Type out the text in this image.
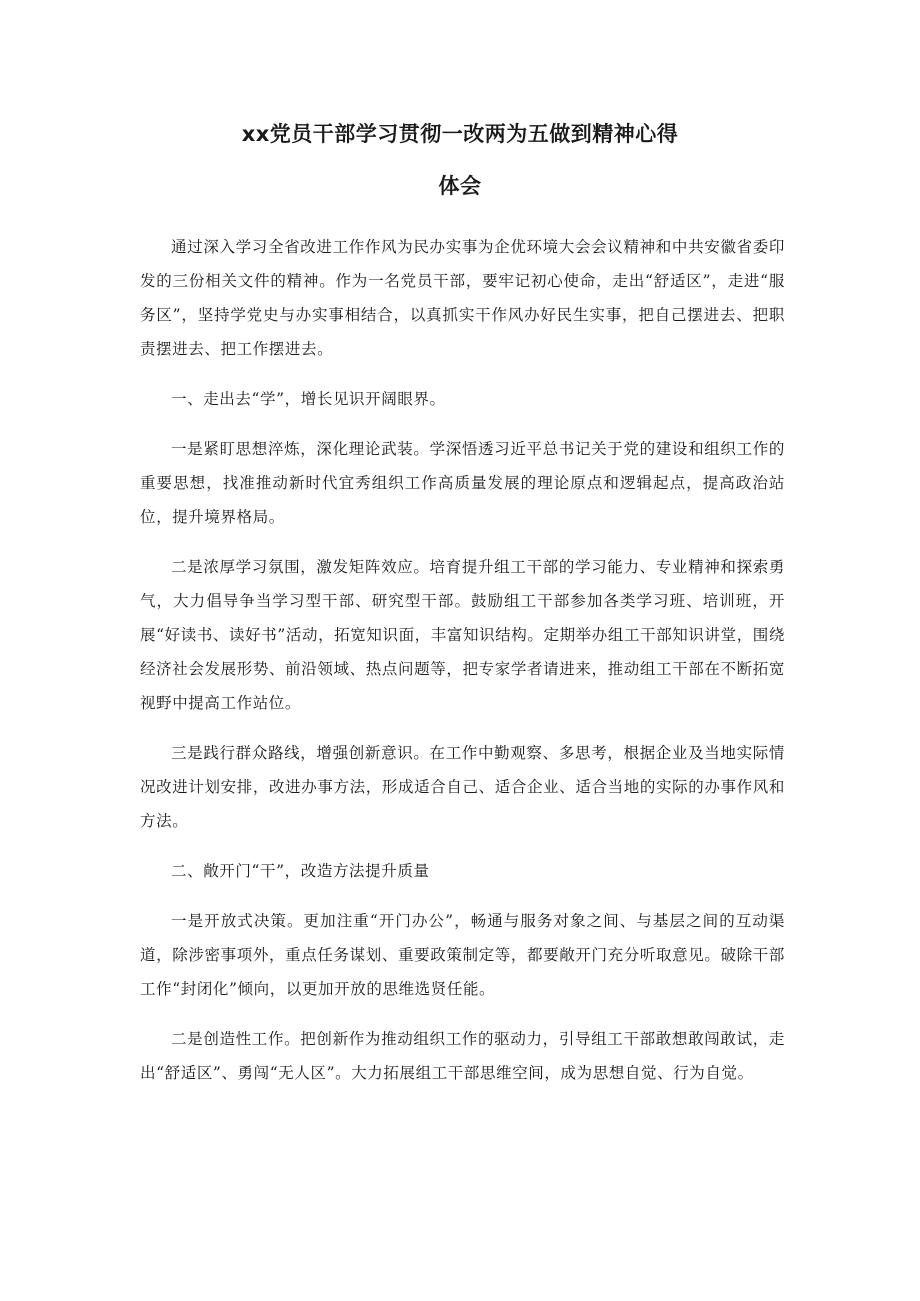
xx党员干部学习贯彻一改两为五做到精神心得
体会

通过深入学习全省改进工作作风为民办实事为企优环境大会会议精神和中共安徽省委印发的三份相关文件的精神。作为一名党员干部，要牢记初心使命，走出“舒适区”，走进“服务区”，坚持学党史与办实事相结合，以真抓实干作风办好民生实事，把自己摆进去、把职责摆进去、把工作摆进去。

一、走出去“学”，增长见识开阔眼界。

一是紧盯思想淬炼，深化理论武装。学深悟透习近平总书记关于党的建设和组织工作的重要思想，找准推动新时代宜秀组织工作高质量发展的理论原点和逻辑起点，提高政治站位，提升境界格局。

二是浓厚学习氛围，激发矩阵效应。培育提升组工干部的学习能力、专业精神和探索勇气，大力倡导争当学习型干部、研究型干部。鼓励组工干部参加各类学习班、培训班，开展“好读书、读好书”活动，拓宽知识面，丰富知识结构。定期举办组工干部知识讲堂，围绕经济社会发展形势、前沿领域、热点问题等，把专家学者请进来，推动组工干部在不断拓宽视野中提高工作站位。

三是践行群众路线，增强创新意识。在工作中勤观察、多思考，根据企业及当地实际情况改进计划安排，改进办事方法，形成适合自己、适合企业、适合当地的实际的办事作风和方法。

二、敞开门“干”，改造方法提升质量

一是开放式决策。更加注重“开门办公”，畅通与服务对象之间、与基层之间的互动渠道，除涉密事项外，重点任务谋划、重要政策制定等，都要敞开门充分听取意见。破除干部工作“封闭化”倾向，以更加开放的思维选贤任能。

二是创造性工作。把创新作为推动组织工作的驱动力，引导组工干部敢想敢闯敢试，走出“舒适区”、勇闯“无人区”。大力拓展组工干部思维空间，成为思想自觉、行为自觉。
